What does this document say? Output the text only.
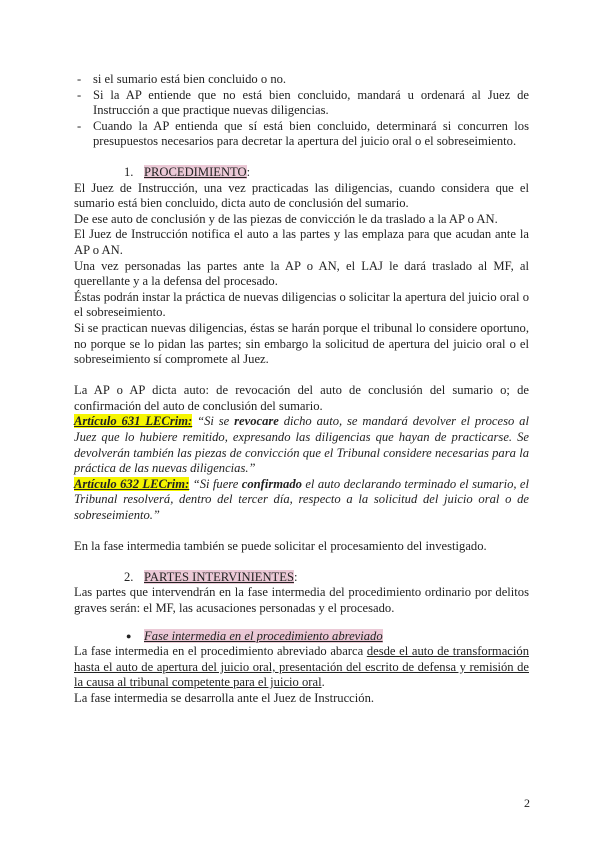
- si el sumario está bien concluido o no.
- Si la AP entiende que no está bien concluido, mandará u ordenará al Juez de Instrucción a que practique nuevas diligencias.
- Cuando la AP entienda que sí está bien concluido, determinará si concurren los presupuestos necesarios para decretar la apertura del juicio oral o el sobreseimiento.
1. PROCEDIMIENTO:

El Juez de Instrucción, una vez practicadas las diligencias, cuando considera que el sumario está bien concluido, dicta auto de conclusión del sumario.

De ese auto de conclusión y de las piezas de convicción le da traslado a la AP o AN.

El Juez de Instrucción notifica el auto a las partes y las emplaza para que acudan ante la AP o AN.

Una vez personadas las partes ante la AP o AN, el LAJ le dará traslado al MF, al querellante y a la defensa del procesado.

Éstas podrán instar la práctica de nuevas diligencias o solicitar la apertura del juicio oral o el sobreseimiento.

Si se practican nuevas diligencias, éstas se harán porque el tribunal lo considere oportuno, no porque se lo pidan las partes; sin embargo la solicitud de apertura del juicio oral o el sobreseimiento sí compromete al Juez.

La AP o AP dicta auto: de revocación del auto de conclusión del sumario o; de confirmación del auto de conclusión del sumario.

Artículo 631 LECrim: “Si se revocare dicho auto, se mandará devolver el proceso al Juez que lo hubiere remitido, expresando las diligencias que hayan de practicarse. Se devolverán también las piezas de convicción que el Tribunal considere necesarias para la práctica de las nuevas diligencias.”

Artículo 632 LECrim: “Si fuere confirmado el auto declarando terminado el sumario, el Tribunal resolverá, dentro del tercer día, respecto a la solicitud del juicio oral o de sobreseimiento.”

En la fase intermedia también se puede solicitar el procesamiento del investigado.

2. PARTES INTERVINIENTES:

Las partes que intervendrán en la fase intermedia del procedimiento ordinario por delitos graves serán: el MF, las acusaciones personadas y el procesado.

● Fase intermedia en el procedimiento abreviado

La fase intermedia en el procedimiento abreviado abarca desde el auto de transformación hasta el auto de apertura del juicio oral, presentación del escrito de defensa y remisión de la causa al tribunal competente para el juicio oral.

La fase intermedia se desarrolla ante el Juez de Instrucción.

2
